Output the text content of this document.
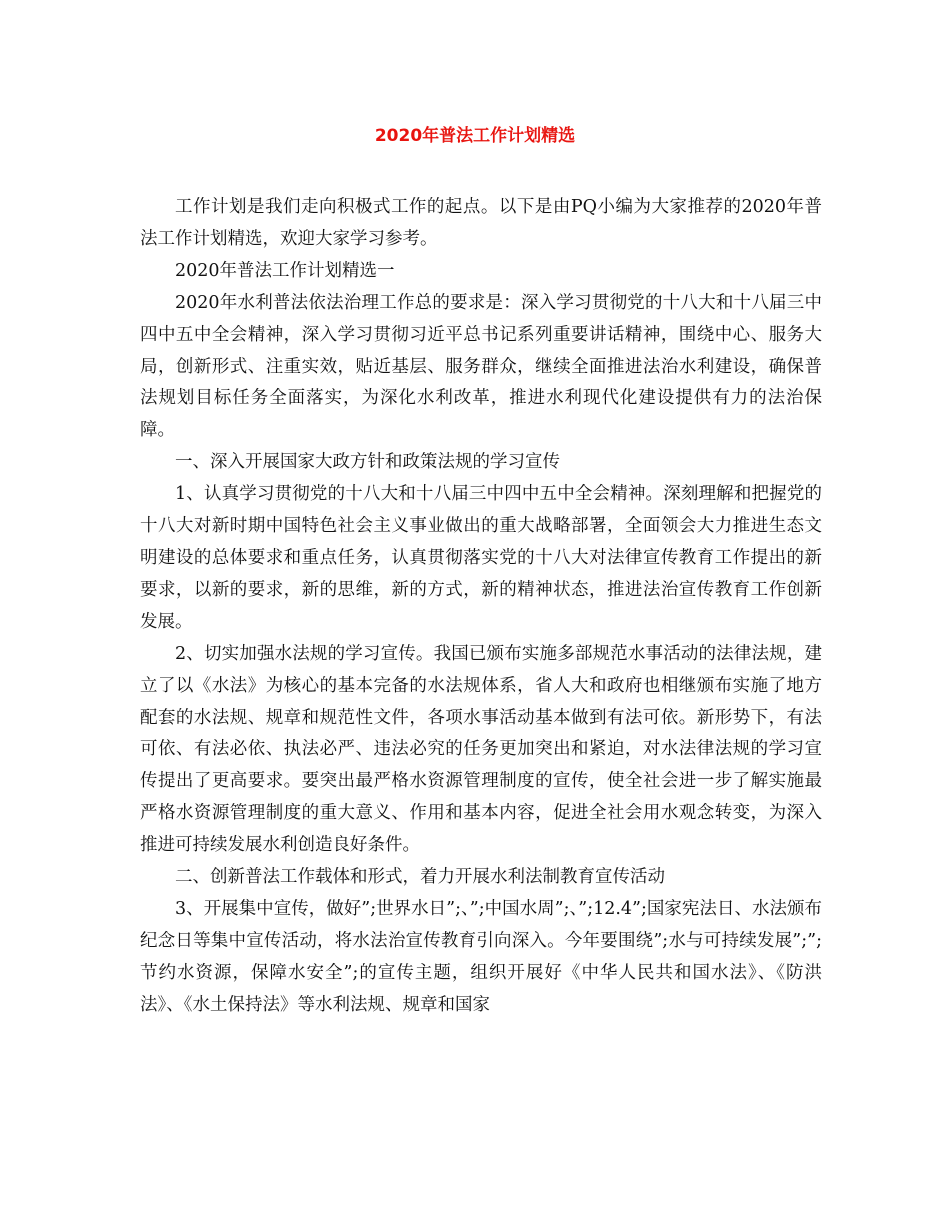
2020年普法工作计划精选

工作计划是我们走向积极式工作的起点。以下是由PQ小编为大家推荐的2020年普法工作计划精选，欢迎大家学习参考。

2020年普法工作计划精选一

2020年水利普法依法治理工作总的要求是：深入学习贯彻党的十八大和十八届三中四中五中全会精神，深入学习贯彻习近平总书记系列重要讲话精神，围绕中心、服务大局，创新形式、注重实效，贴近基层、服务群众，继续全面推进法治水利建设，确保普法规划目标任务全面落实，为深化水利改革，推进水利现代化建设提供有力的法治保障。

一、深入开展国家大政方针和政策法规的学习宣传

1、认真学习贯彻党的十八大和十八届三中四中五中全会精神。深刻理解和把握党的十八大对新时期中国特色社会主义事业做出的重大战略部署，全面领会大力推进生态文明建设的总体要求和重点任务，认真贯彻落实党的十八大对法律宣传教育工作提出的新要求，以新的要求，新的思维，新的方式，新的精神状态，推进法治宣传教育工作创新发展。

2、切实加强水法规的学习宣传。我国已颁布实施多部规范水事活动的法律法规，建立了以《水法》为核心的基本完备的水法规体系，省人大和政府也相继颁布实施了地方配套的水法规、规章和规范性文件，各项水事活动基本做到有法可依。新形势下，有法可依、有法必依、执法必严、违法必究的任务更加突出和紧迫，对水法律法规的学习宣传提出了更高要求。要突出最严格水资源管理制度的宣传，使全社会进一步了解实施最严格水资源管理制度的重大意义、作用和基本内容，促进全社会用水观念转变，为深入推进可持续发展水利创造良好条件。

二、创新普法工作载体和形式，着力开展水利法制教育宣传活动

3、开展集中宣传，做好”;世界水日”;、”;中国水周”;、”;12.4”;国家宪法日、水法颁布纪念日等集中宣传活动，将水法治宣传教育引向深入。今年要围绕”;水与可持续发展”;”;节约水资源，保障水安全”;的宣传主题，组织开展好《中华人民共和国水法》、《防洪法》、《水土保持法》等水利法规、规章和国家
